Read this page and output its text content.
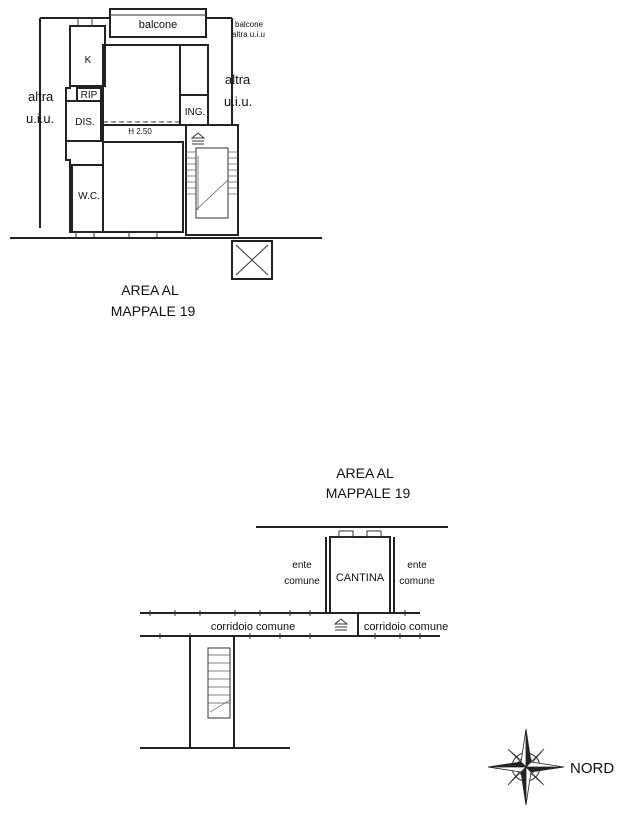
balcone	balcone
altra u.i.u
K
RIP
DIS.
W.C.
ING.
H 2.50
altra
u.i.u.
altra
u.i.u.
AREA AL
MAPPALE 19
AREA AL
MAPPALE 19
CANTINA
ente
comune
ente
comune
corridoio comune	corridoio comune
NORD
